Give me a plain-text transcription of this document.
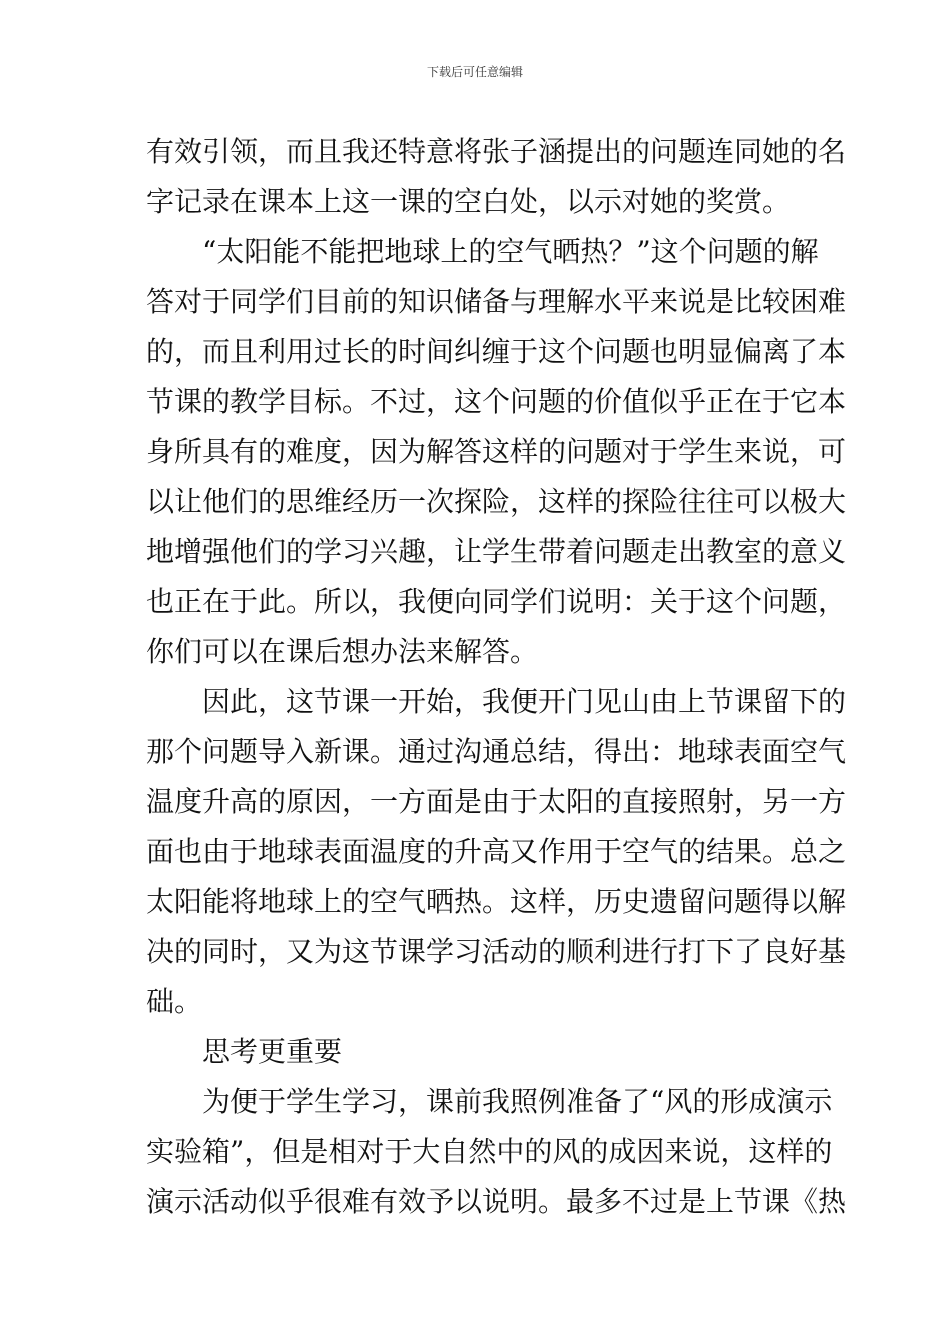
下载后可任意编辑
有效引领，而且我还特意将张子涵提出的问题连同她的名
字记录在课本上这一课的空白处，以示对她的奖赏。
“太阳能不能把地球上的空气晒热？”这个问题的解
答对于同学们目前的知识储备与理解水平来说是比较困难
的，而且利用过长的时间纠缠于这个问题也明显偏离了本
节课的教学目标。不过，这个问题的价值似乎正在于它本
身所具有的难度，因为解答这样的问题对于学生来说，可
以让他们的思维经历一次探险，这样的探险往往可以极大
地增强他们的学习兴趣，让学生带着问题走出教室的意义
也正在于此。所以，我便向同学们说明：关于这个问题，
你们可以在课后想办法来解答。
因此，这节课一开始，我便开门见山由上节课留下的
那个问题导入新课。通过沟通总结，得出：地球表面空气
温度升高的原因，一方面是由于太阳的直接照射，另一方
面也由于地球表面温度的升高又作用于空气的结果。总之
太阳能将地球上的空气晒热。这样，历史遗留问题得以解
决的同时，又为这节课学习活动的顺利进行打下了良好基
础。
思考更重要
为便于学生学习，课前我照例准备了“风的形成演示
实验箱”，但是相对于大自然中的风的成因来说，这样的
演示活动似乎很难有效予以说明。最多不过是上节课《热
